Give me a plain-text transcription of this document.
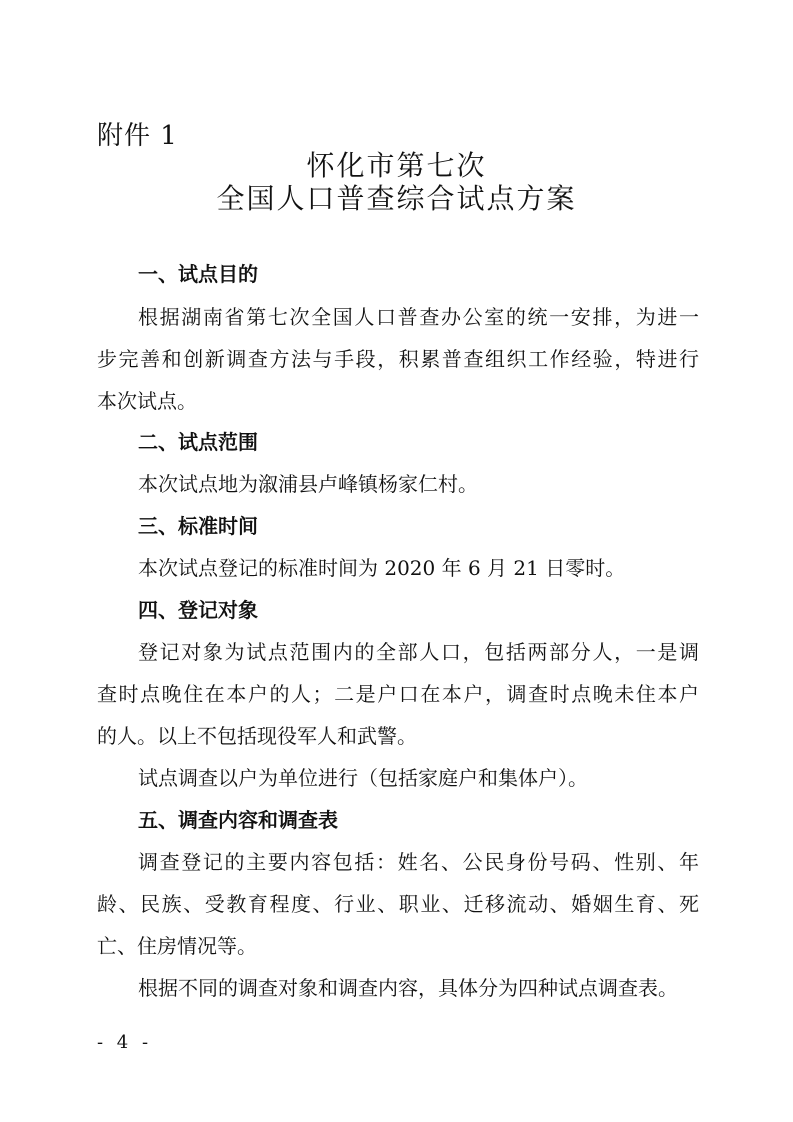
附件 1
怀化市第七次
全国人口普查综合试点方案
一、试点目的
根据湖南省第七次全国人口普查办公室的统一安排，为进一
步完善和创新调查方法与手段，积累普查组织工作经验，特进行
本次试点。
二、试点范围
本次试点地为溆浦县卢峰镇杨家仁村。
三、标准时间
本次试点登记的标准时间为 2020 年 6 月 21 日零时。
四、登记对象
登记对象为试点范围内的全部人口，包括两部分人，一是调
查时点晚住在本户的人；二是户口在本户，调查时点晚未住本户
的人。以上不包括现役军人和武警。
试点调查以户为单位进行（包括家庭户和集体户）。
五、调查内容和调查表
调查登记的主要内容包括：姓名、公民身份号码、性别、年
龄、民族、受教育程度、行业、职业、迁移流动、婚姻生育、死
亡、住房情况等。
根据不同的调查对象和调查内容，具体分为四种试点调查表。
- 4 -
